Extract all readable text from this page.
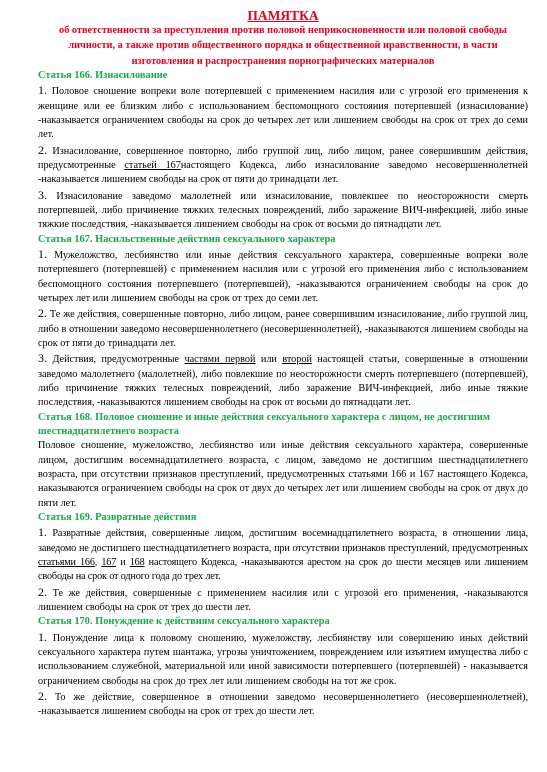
ПАМЯТКА
об ответственности за преступления против половой неприкосновенности или половой свободы личности, а также против общественного порядка и общественной нравственности, в части изготовления и распространения порнографических материалов
Статья 166. Изнасилование
1. Половое сношение вопреки воле потерпевшей с применением насилия или с угрозой его применения к женщине или ее близким либо с использованием беспомощного состояния потерпевшей (изнасилование) -наказывается ограничением свободы на срок до четырех лет или лишением свободы на срок от трех до семи лет.
2. Изнасилование, совершенное повторно, либо группой лиц, либо лицом, ранее совершившим действия, предусмотренные статьей 167настоящего Кодекса, либо изнасилование заведомо несовершеннолетней -наказывается лишением свободы на срок от пяти до тринадцати лет.
3. Изнасилование заведомо малолетней или изнасилование, повлекшее по неосторожности смерть потерпевшей, либо причинение тяжких телесных повреждений, либо заражение ВИЧ-инфекцией, либо иные тяжкие последствия, -наказывается лишением свободы на срок от восьми до пятнадцати лет.
Статья 167. Насильственные действия сексуального характера
1. Мужеложство, лесбиянство или иные действия сексуального характера, совершенные вопреки воле потерпевшего (потерпевшей) с применением насилия или с угрозой его применения либо с использованием беспомощного состояния потерпевшего (потерпевшей), -наказываются ограничением свободы на срок до четырех лет или лишением свободы на срок от трех до семи лет.
2. Те же действия, совершенные повторно, либо лицом, ранее совершившим изнасилование, либо группой лиц, либо в отношении заведомо несовершеннолетнего (несовершеннолетней), -наказываются лишением свободы на срок от пяти до тринадцати лет.
3. Действия, предусмотренные частями первой или второй настоящей статьи, совершенные в отношении заведомо малолетнего (малолетней), либо повлекшие по неосторожности смерть потерпевшего (потерпевшей), либо причинение тяжких телесных повреждений, либо заражение ВИЧ-инфекцией, либо иные тяжкие последствия, -наказываются лишением свободы на срок от восьми до пятнадцати лет.
Статья 168. Половое сношение и иные действия сексуального характера с лицом, не достигшим шестнадцатилетнего возраста
Половое сношение, мужеложство, лесбиянство или иные действия сексуального характера, совершенные лицом, достигшим восемнадцатилетнего возраста, с лицом, заведомо не достигшим шестнадцатилетнего возраста, при отсутствии признаков преступлений, предусмотренных статьями 166 и 167 настоящего Кодекса, наказываются ограничением свободы на срок от двух до четырех лет или лишением свободы на срок от двух до пяти лет.
Статья 169. Развратные действия
1. Развратные действия, совершенные лицом, достигшим восемнадцатилетнего возраста, в отношении лица, заведомо не достигшего шестнадцатилетнего возраста, при отсутствии признаков преступлений, предусмотренных статьями 166, 167 и 168 настоящего Кодекса, -наказываются арестом на срок до шести месяцев или лишением свободы на срок от одного года до трех лет.
2. Те же действия, совершенные с применением насилия или с угрозой его применения, -наказываются лишением свободы на срок от трех до шести лет.
Статья 170. Понуждение к действиям сексуального характера
1. Понуждение лица к половому сношению, мужеложству, лесбиянству или совершению иных действий сексуального характера путем шантажа, угрозы уничтожением, повреждением или изъятием имущества либо с использованием служебной, материальной или иной зависимости потерпевшего (потерпевшей) - наказывается ограничением свободы на срок до трех лет или лишением свободы на тот же срок.
2. То же действие, совершенное в отношении заведомо несовершеннолетнего (несовершеннолетней), -наказывается лишением свободы на срок от трех до шести лет.
